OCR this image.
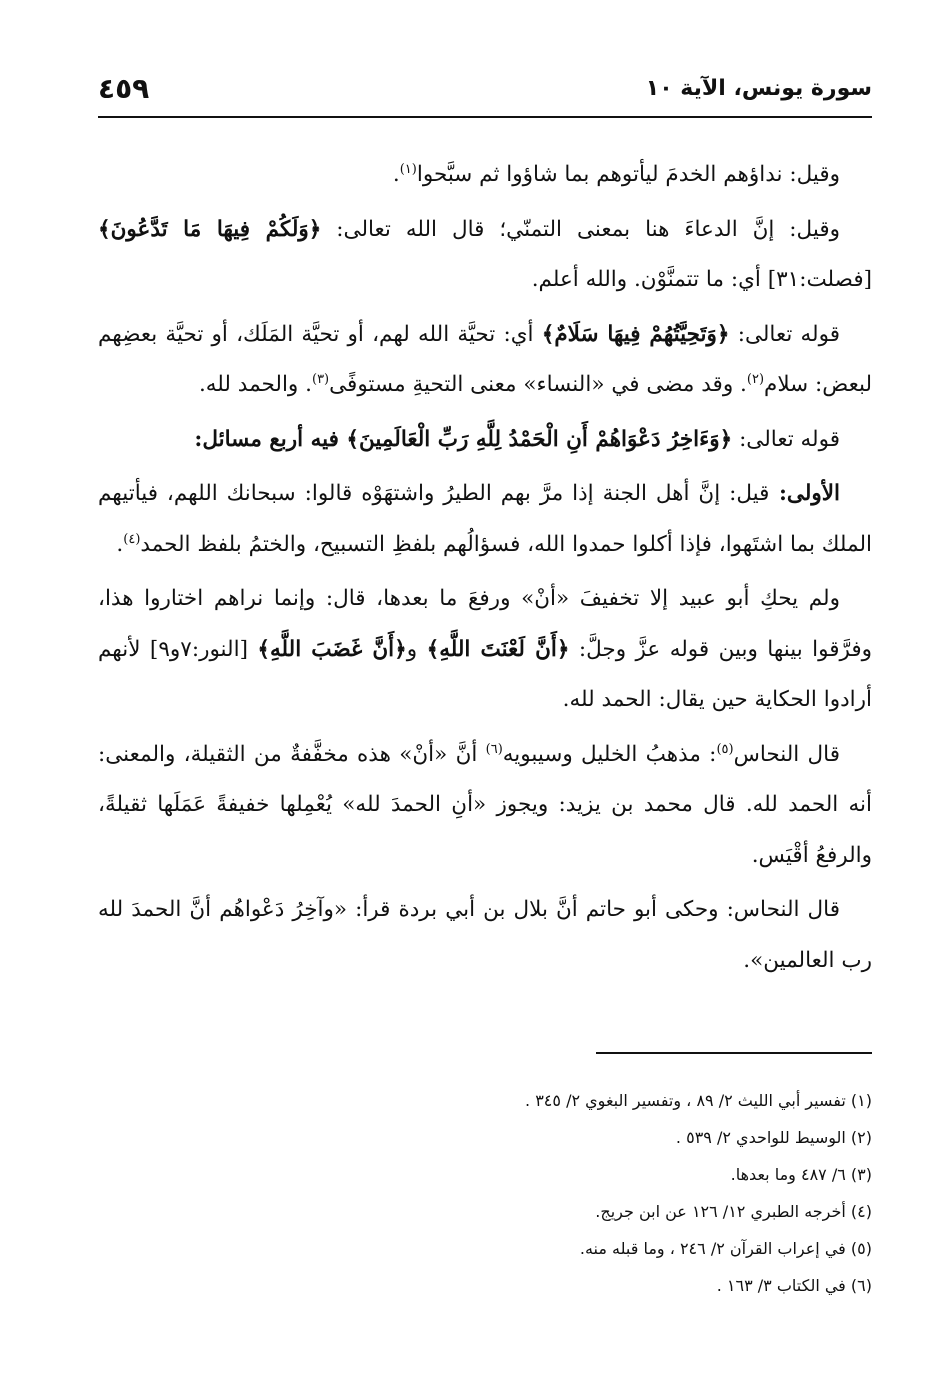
سورة يونس، الآية ١٠
٤٥٩

وقيل: نداؤهم الخدمَ ليأتوهم بما شاؤوا ثم سبَّحوا$^{(١)}$.

وقيل: إنَّ الدعاءَ هنا بمعنى التمنّي؛ قال الله تعالى: ﴿وَلَكُمْ فِيهَا مَا تَدَّعُونَ﴾ [فصلت:٣١] أي: ما تتمنَّوْن. والله أعلم.

قوله تعالى: ﴿وَتَحِيَّتُهُمْ فِيهَا سَلَامٌ﴾ أي: تحيَّة الله لهم، أو تحيَّة المَلَك، أو تحيَّة بعضِهم لبعض: سلام$^{(٢)}$. وقد مضى في «النساء» معنى التحيةِ مستوفًى$^{(٣)}$. والحمد لله.

قوله تعالى: ﴿وَءَاخِرُ دَعْوَاهُمْ أَنِ الْحَمْدُ لِلَّهِ رَبِّ الْعَالَمِينَ﴾ فيه أربع مسائل:

الأولى: قيل: إنَّ أهل الجنة إذا مرَّ بهم الطيرُ واشتهَوْه قالوا: سبحانك اللهم، فيأتيهم الملك بما اشتَهوا، فإذا أكلوا حمدوا الله، فسؤالُهم بلفظِ التسبيح، والختمُ بلفظ الحمد$^{(٤)}$.

ولم يحكِ أبو عبيد إلا تخفيفَ «أنْ» ورفعَ ما بعدها، قال: وإنما نراهم اختاروا هذا، وفرَّقوا بينها وبين قوله عزَّ وجلَّ: ﴿أَنَّ لَعْنَتَ اللَّهِ﴾ و﴿أَنَّ غَضَبَ اللَّهِ﴾ [النور:٧و٩] لأنهم أرادوا الحكاية حين يقال: الحمد لله.

قال النحاس$^{(٥)}$: مذهبُ الخليل وسيبويه$^{(٦)}$ أنَّ «أنْ» هذه مخفَّفةٌ من الثقيلة، والمعنى: أنه الحمد لله. قال محمد بن يزيد: ويجوز «أنِ الحمدَ لله» يُعْمِلها خفيفةً عَمَلَها ثقيلةً، والرفعُ أقْيَس.

قال النحاس: وحكى أبو حاتم أنَّ بلال بن أبي بردة قرأ: «وآخِرُ دَعْواهُم أنَّ الحمدَ لله رب العالمين».

(١) تفسير أبي الليث ٢/ ٨٩ ، وتفسير البغوي ٢/ ٣٤٥ .

(٢) الوسيط للواحدي ٢/ ٥٣٩ .

(٣) ٦/ ٤٨٧ وما بعدها.

(٤) أخرجه الطبري ١٢/ ١٢٦ عن ابن جريج.

(٥) في إعراب القرآن ٢/ ٢٤٦ ، وما قبله منه.

(٦) في الكتاب ٣/ ١٦٣ .
